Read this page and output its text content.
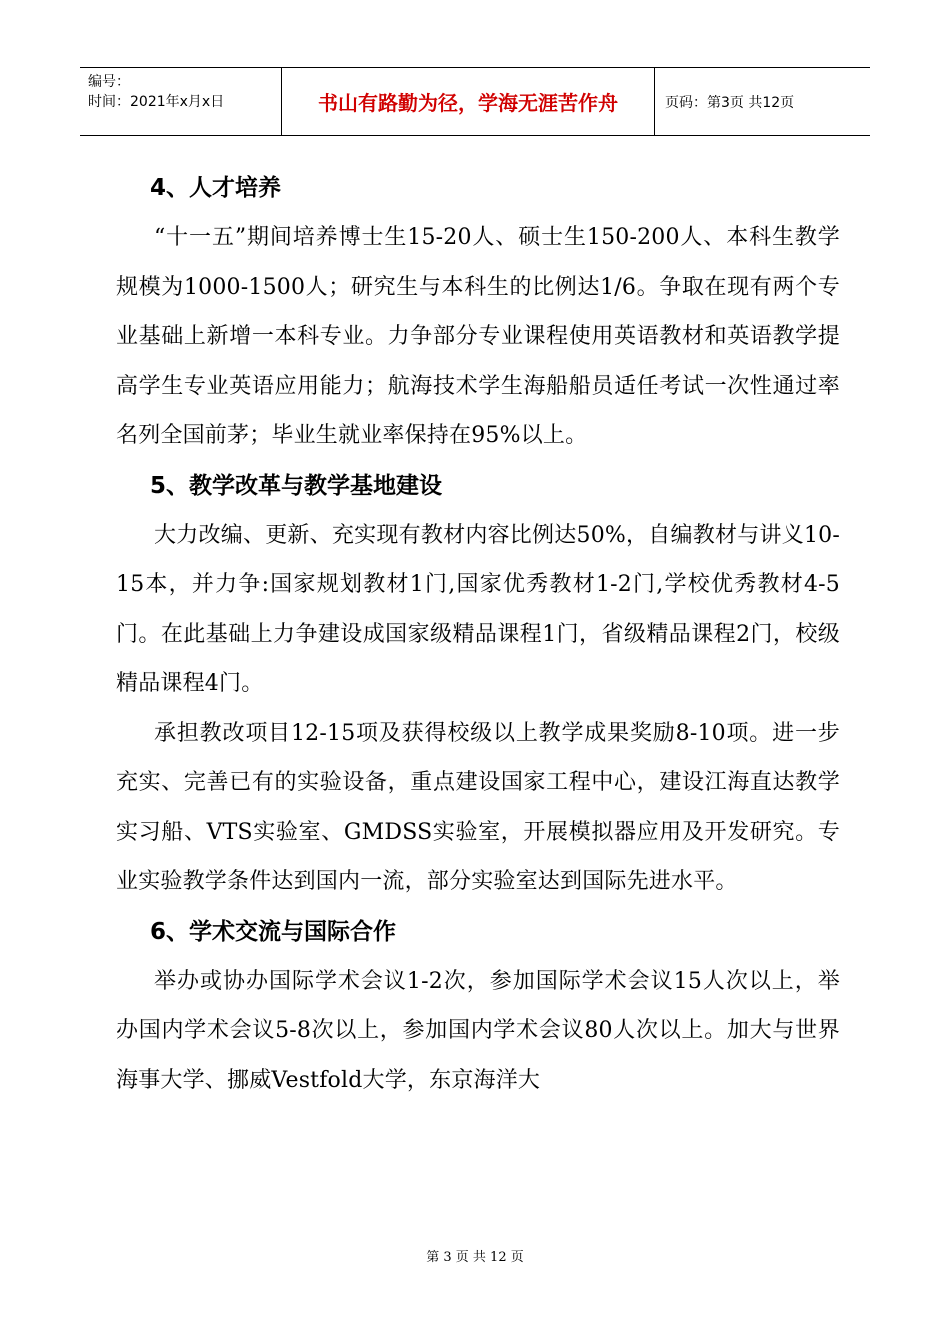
编号：
时间：2021年x月x日	书山有路勤为径，学海无涯苦作舟	页码：第3页 共12页
4、人才培养
“十一五”期间培养博士生15-20人、硕士生150-200人、本科生教学规模为1000-1500人；研究生与本科生的比例达1/6。争取在现有两个专业基础上新增一本科专业。力争部分专业课程使用英语教材和英语教学提高学生专业英语应用能力；航海技术学生海船船员适任考试一次性通过率名列全国前茅；毕业生就业率保持在95%以上。
5、教学改革与教学基地建设
大力改编、更新、充实现有教材内容比例达50%，自编教材与讲义10-15本，并力争:国家规划教材1门,国家优秀教材1-2门,学校优秀教材4-5门。在此基础上力争建设成国家级精品课程1门，省级精品课程2门，校级精品课程4门。
承担教改项目12-15项及获得校级以上教学成果奖励8-10项。进一步充实、完善已有的实验设备，重点建设国家工程中心，建设江海直达教学实习船、VTS实验室、GMDSS实验室，开展模拟器应用及开发研究。专业实验教学条件达到国内一流，部分实验室达到国际先进水平。
6、学术交流与国际合作
举办或协办国际学术会议1-2次，参加国际学术会议15人次以上，举办国内学术会议5-8次以上，参加国内学术会议80人次以上。加大与世界海事大学、挪威Vestfold大学，东京海洋大
第 3 页 共 12 页
